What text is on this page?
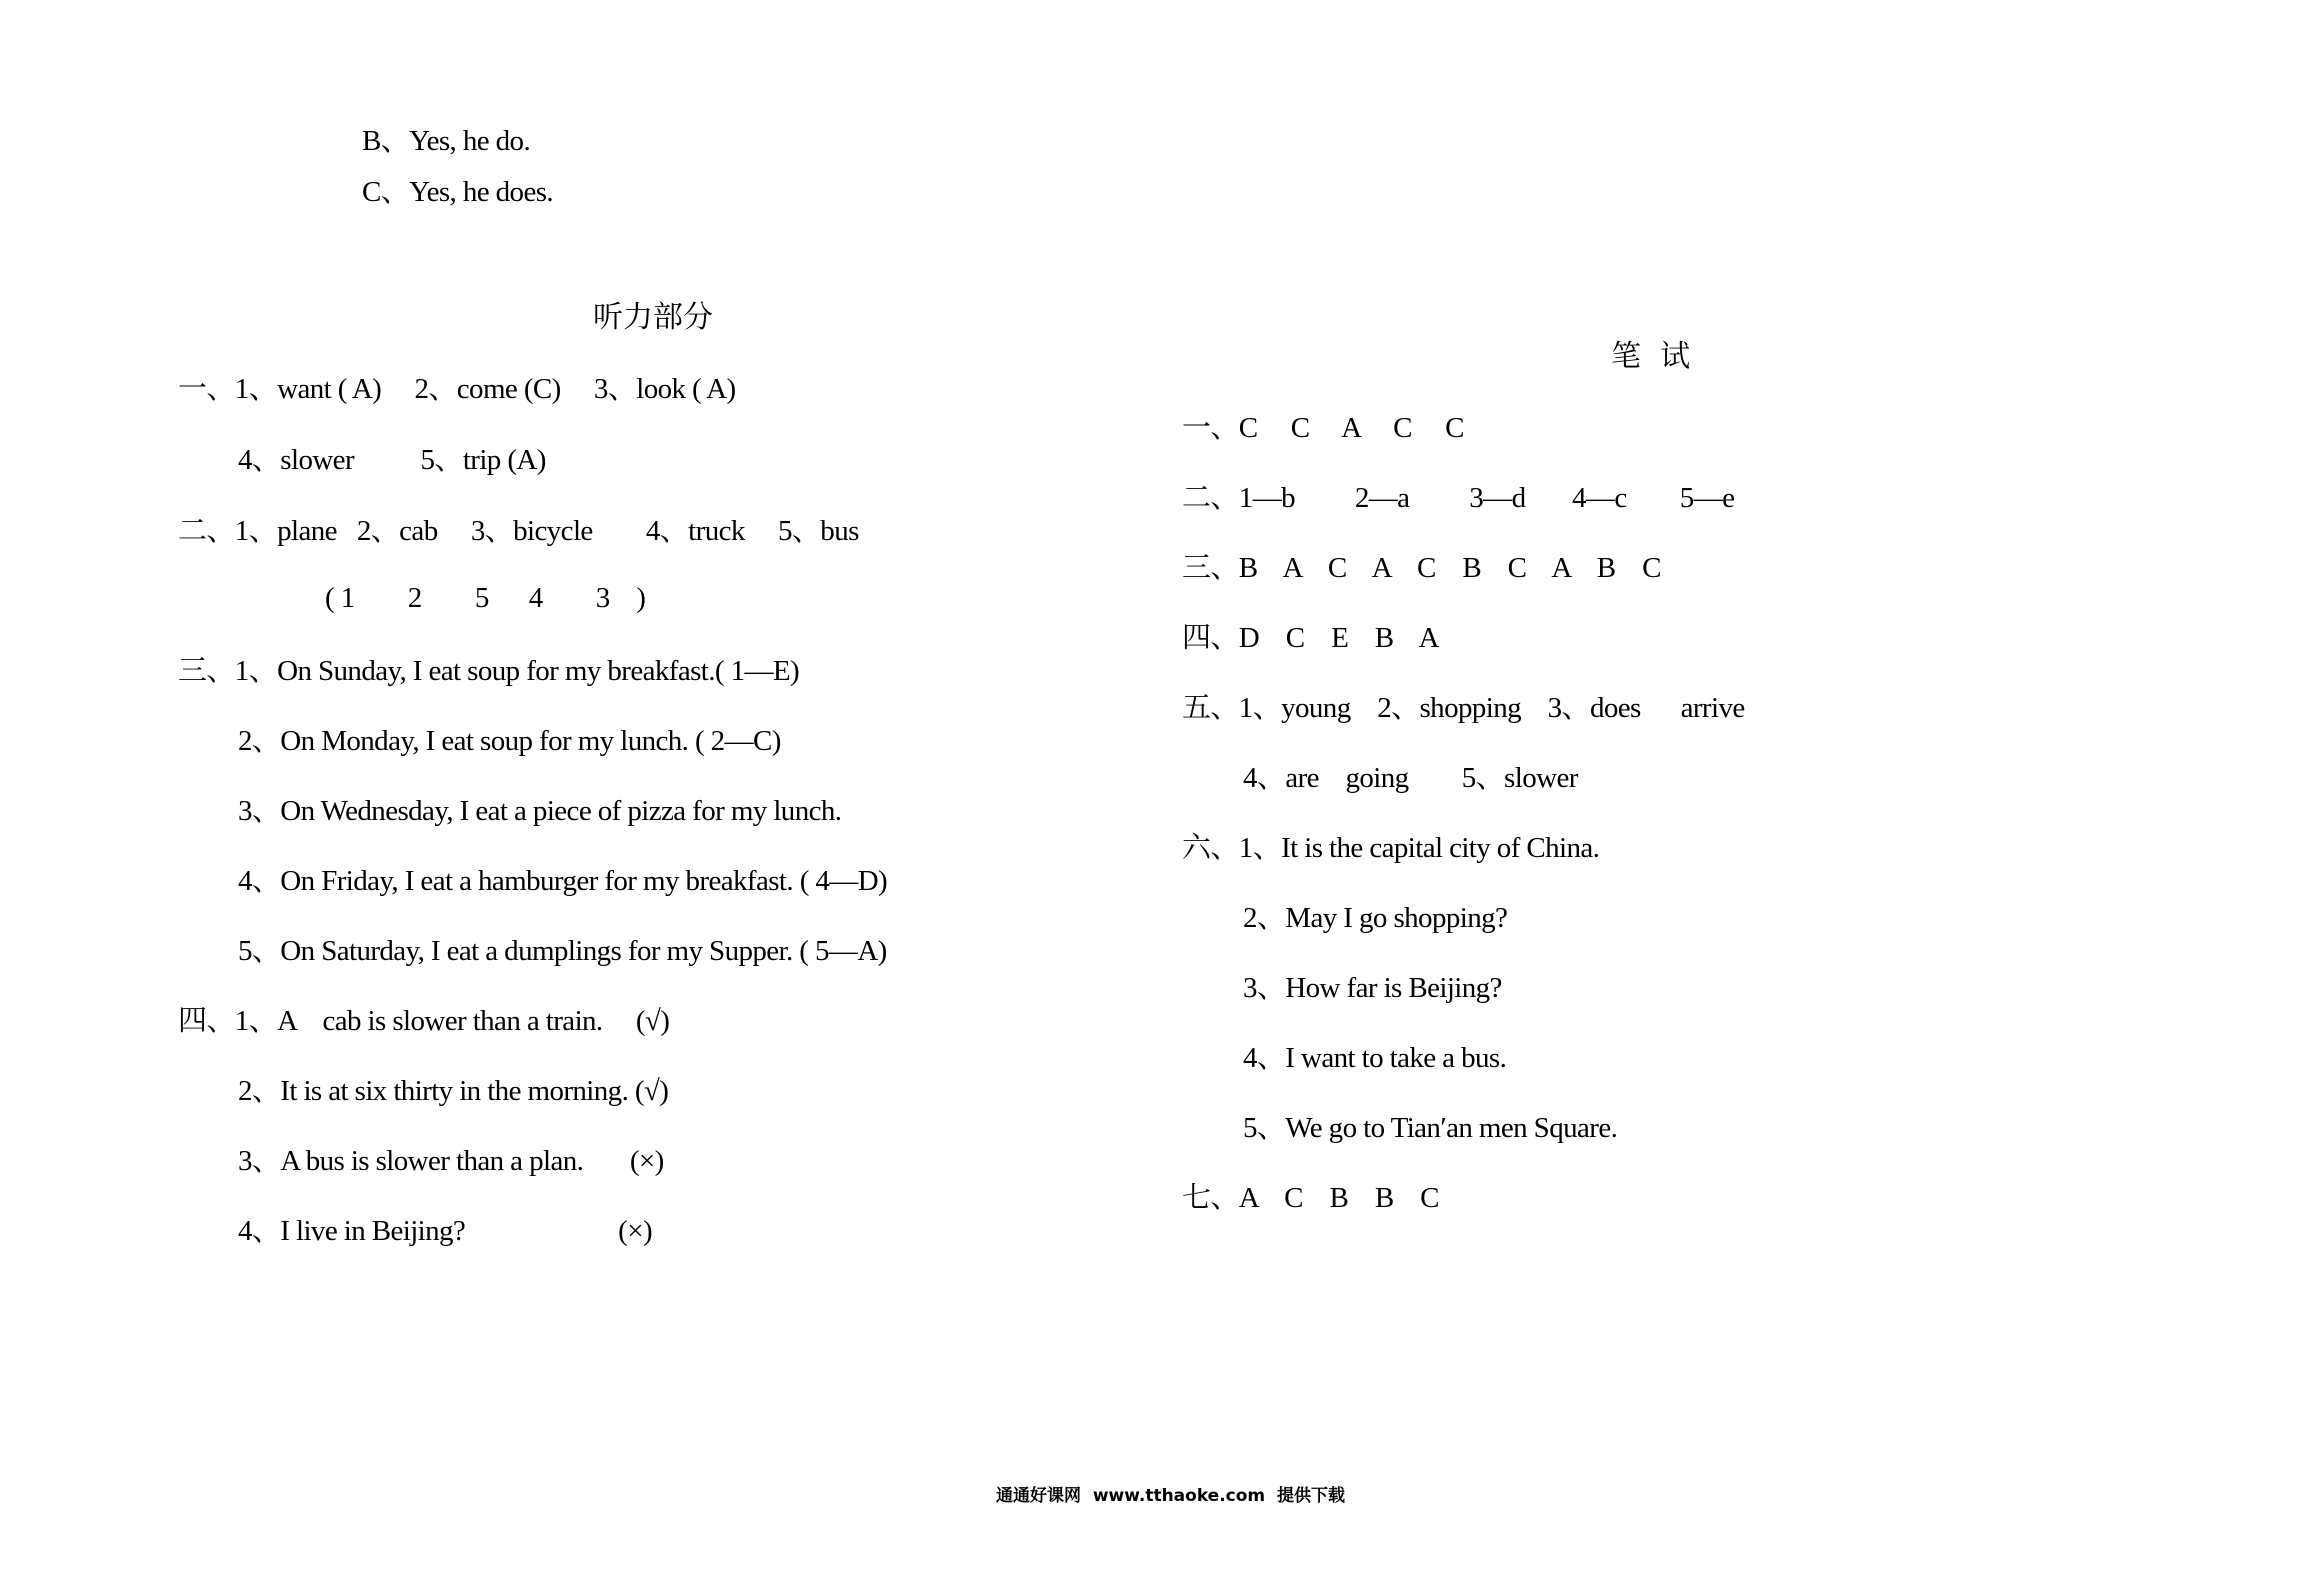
B、Yes, he do.
C、Yes, he does.
听力部分
一、1、want ( A)     2、come (C)     3、look ( A)
4、slower          5、trip (A)
二、1、plane   2、cab     3、bicycle        4、truck     5、bus
( 1        2        5      4        3    )
三、1、On Sunday, I eat soup for my breakfast.( 1—E)
2、On Monday, I eat soup for my lunch. ( 2—C)
3、On Wednesday, I eat a piece of pizza for my lunch.
4、On Friday, I eat a hamburger for my breakfast. ( 4—D)
5、On Saturday, I eat a dumplings for my Supper. ( 5—A)
四、1、A    cab is slower than a train.     (√)
2、It is at six thirty in the morning. (√)
3、A bus is slower than a plan.       (×)
4、I live in Beijing?                       (×)
笔  试
一、C     C     A     C     C
二、1—b         2—a         3—d       4—c        5—e
三、B    A    C    A    C    B    C    A    B    C
四、D    C    E    B    A
五、1、young    2、shopping    3、does      arrive
4、are    going        5、slower
六、1、It is the capital city of China.
2、May I go shopping?
3、How far is Beijing?
4、I want to take a bus.
5、We go to Tian′an men Square.
七、A    C    B    B    C
通通好课网  www.tthaoke.com  提供下载
